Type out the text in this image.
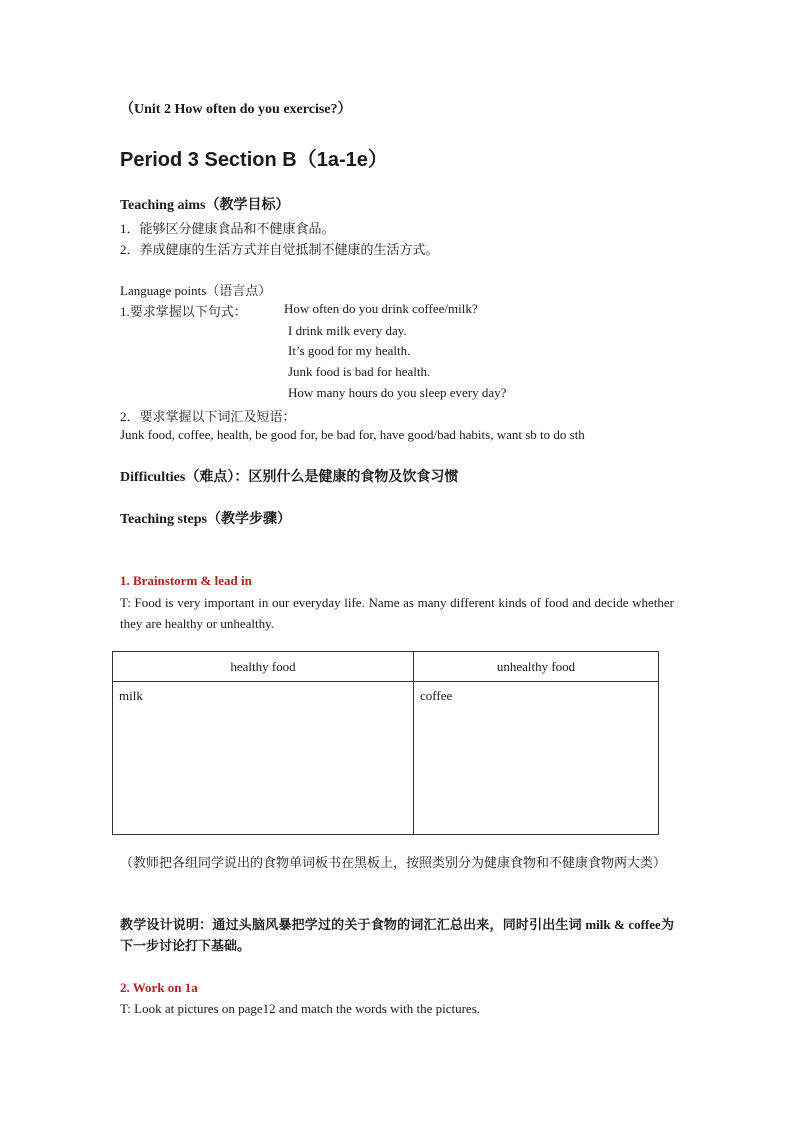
（Unit 2 How often do you exercise?）
Period 3 Section B（1a-1e）
Teaching aims（教学目标）
1．能够区分健康食品和不健康食品。
2．养成健康的生活方式并自觉抵制不健康的生活方式。
Language points（语言点）
1.要求掌握以下句式：	How often do you drink coffee/milk?
I drink milk every day.
It’s good for my health.
Junk food is bad for health.
How many hours do you sleep every day?
2．要求掌握以下词汇及短语：
Junk food, coffee, health, be good for, be bad for, have good/bad habits, want sb to do sth
Difficulties（难点）：区别什么是健康的食物及饮食习惯
Teaching steps（教学步骤）
1. Brainstorm & lead in
T: Food is very important in our everyday life. Name as many different kinds of food and decide whether they are healthy or unhealthy.
healthy food	unhealthy food
milk	coffee
（教师把各组同学说出的食物单词板书在黑板上，按照类别分为健康食物和不健康食物两大类）
教学设计说明：通过头脑风暴把学过的关于食物的词汇汇总出来，同时引出生词 milk & coffee为下一步讨论打下基础。
2. Work on 1a
T: Look at pictures on page12 and match the words with the pictures.
